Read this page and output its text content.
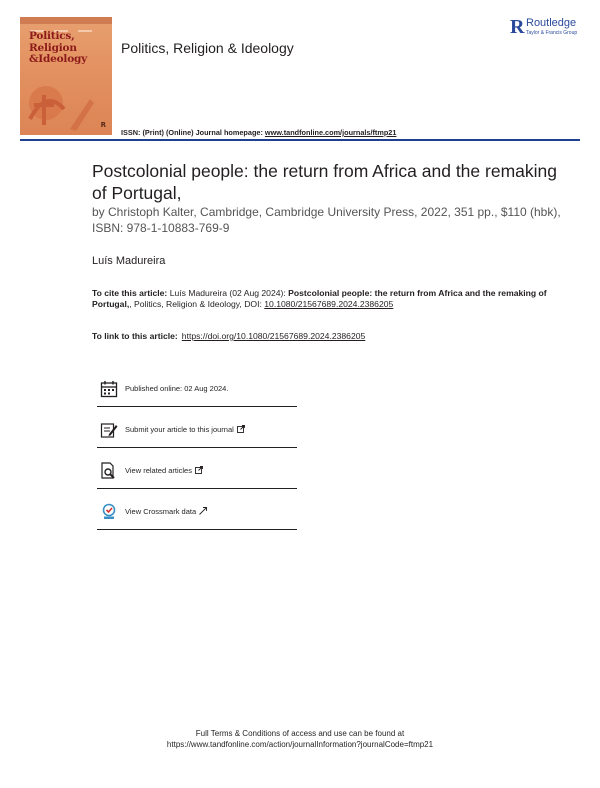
Politics,
Religion
&Ideology
R
Politics, Religion & Ideology
R Routledge
Taylor & Francis Group
ISSN: (Print) (Online) Journal homepage: www.tandfonline.com/journals/ftmp21
Postcolonial people: the return from Africa and the remaking of Portugal,
by Christoph Kalter, Cambridge, Cambridge University Press, 2022, 351 pp., $110 (hbk), ISBN: 978-1-10883-769-9
Luís Madureira
To cite this article: Luís Madureira (02 Aug 2024): Postcolonial people: the return from Africa and the remaking of Portugal,, Politics, Religion & Ideology, DOI: 10.1080/21567689.2024.2386205
To link to this article: https://doi.org/10.1080/21567689.2024.2386205
Published online: 02 Aug 2024.
Submit your article to this journal
View related articles
View Crossmark data
Full Terms & Conditions of access and use can be found at
https://www.tandfonline.com/action/journalInformation?journalCode=ftmp21
